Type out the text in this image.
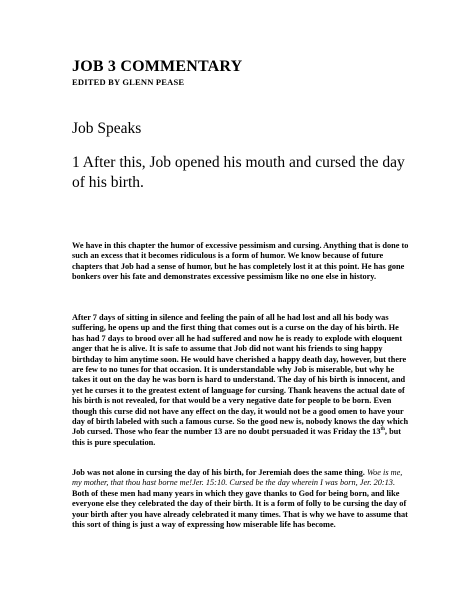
JOB 3 COMMENTARY
EDITED BY GLENN PEASE
Job Speaks
1 After this, Job opened his mouth and cursed the day of his birth.
We have in this chapter the humor of excessive pessimism and cursing. Anything that is done to such an excess that it becomes ridiculous is a form of humor. We know because of future chapters that Job had a sense of humor, but he has completely lost it at this point. He has gone bonkers over his fate and demonstrates excessive pessimism like no one else in history.
After 7 days of sitting in silence and feeling the pain of all he had lost and all his body was suffering, he opens up and the first thing that comes out is a curse on the day of his birth. He has had 7 days to brood over all he had suffered and now he is ready to explode with eloquent anger that he is alive. It is safe to assume that Job did not want his friends to sing happy birthday to him anytime soon. He would have cherished a happy death day, however, but there are few to no tunes for that occasion. It is understandable why Job is miserable, but why he takes it out on the day he was born is hard to understand. The day of his birth is innocent, and yet he curses it to the greatest extent of language for cursing. Thank heavens the actual date of his birth is not revealed, for that would be a very negative date for people to be born. Even though this curse did not have any effect on the day, it would not be a good omen to have your day of birth labeled with such a famous curse. So the good new is, nobody knows the day which Job cursed. Those who fear the number 13 are no doubt persuaded it was Friday the 13th, but this is pure speculation.
Job was not alone in cursing the day of his birth, for Jeremiah does the same thing. Woe is me, my mother, that thou hast borne me!Jer. 15:10. Cursed be the day wherein I was born, Jer. 20:13. Both of these men had many years in which they gave thanks to God for being born, and like everyone else they celebrated the day of their birth. It is a form of folly to be cursing the day of your birth after you have already celebrated it many times. That is why we have to assume that this sort of thing is just a way of expressing how miserable life has become.
